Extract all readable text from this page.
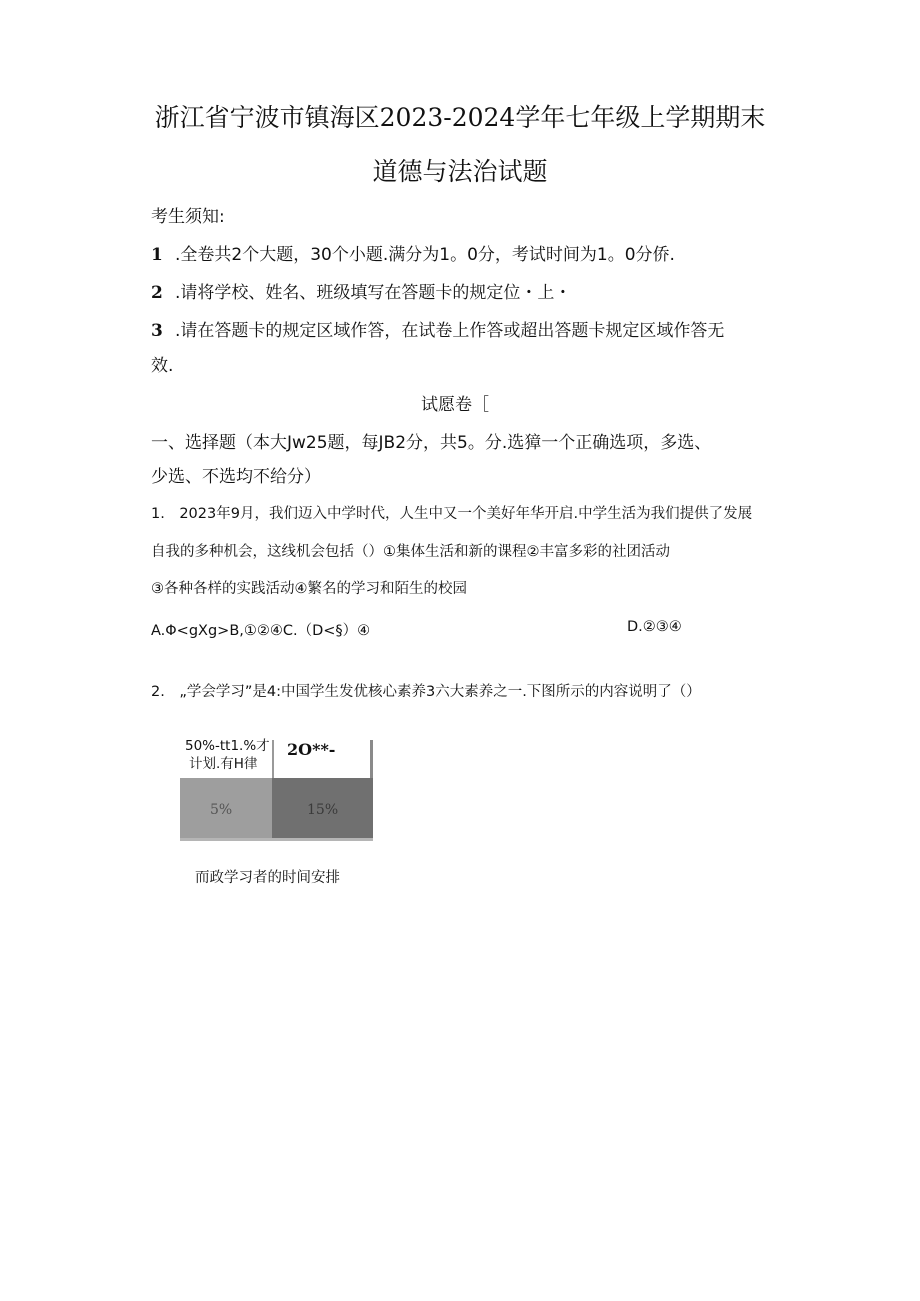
浙江省宁波市镇海区2023-2024学年七年级上学期期末
道德与法治试题
考生须知:
1 .全卷共2个大题，30个小题.满分为1。0分，考试时间为1。0分侨.
2 .请将学校、姓名、班级填写在答题卡的规定位・上・
3 .请在答题卡的规定区域作答，在试卷上作答或超出答题卡规定区域作答无
效.
试愿卷［
一、选择题（本大Jw25题，每JB2分，共5。分.选獐一个正确选项，多选、
少选、不选均不给分）
1.　2023年9月，我们迈入中学时代，人生中又一个美好年华开启.中学生活为我们提供了发展
自我的多种机会，这线机会包括（）①集体生活和新的课程②丰富多彩的社团活动
③各种各样的实践活动④繁名的学习和陌生的校园
A.Φ<gXg>B,①②④C.（D<§）④	D.②③④
2.　„学会学习”是4:中国学生发优核心素养3六大素养之一.下图所示的内容说明了（）
50%-tt1.%才
计划.有H律
2O**-
5%	15%
而政学习者的时间安排
